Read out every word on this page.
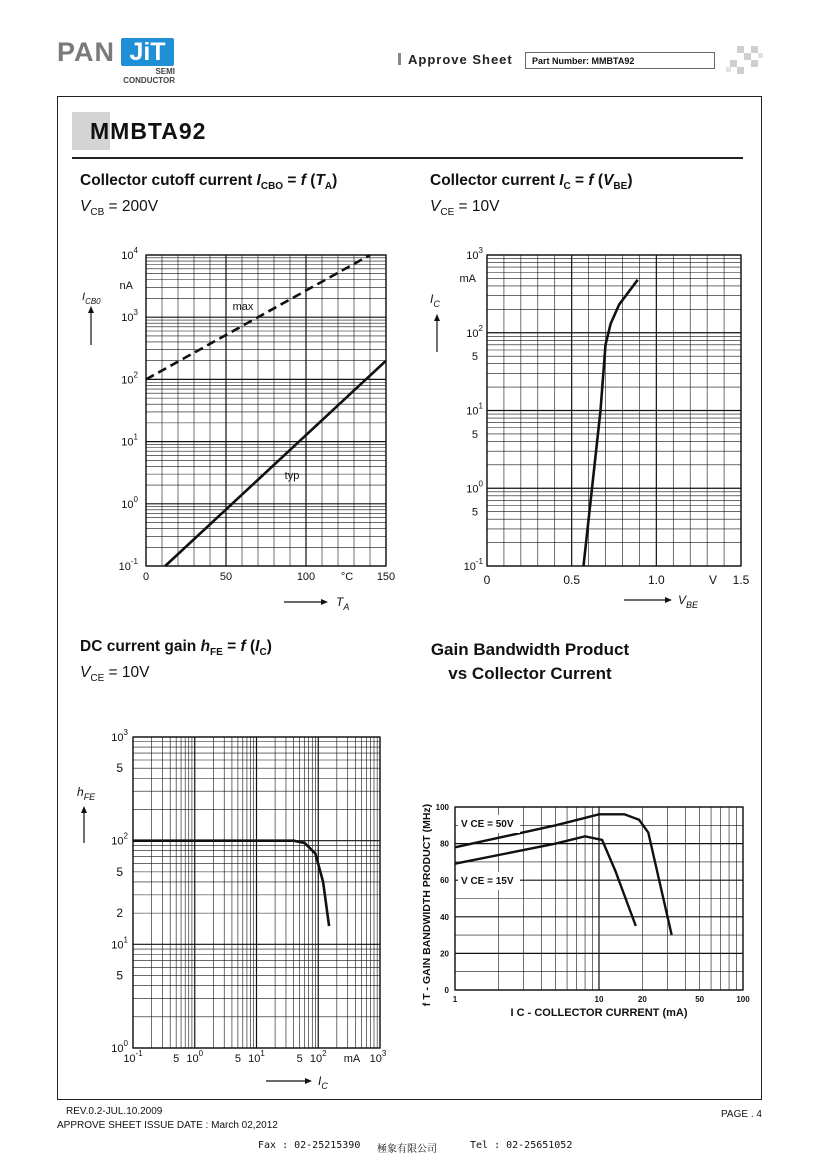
PAN JiT
SEMI
CONDUCTOR
Approve Sheet	Part Number: MMBTA92
MMBTA92
Collector cutoff current $I_{CBO} = f$ $(T_A)$
$V_{CB} = 200V$
Collector current $I_C = f$ $(V_{BE})$
$V_{CE} = 10V$
DC current gain $h_{FE} = f$ $(I_C)$
$V_{CE} = 10V$
Gain Bandwidth Product
vs Collector Current
$10^4$
$10^3$
$10^2$
$10^1$
$10^0$
$10^{-1}$
nA
0	50	100	150
°C
max
typ
$I_{CB0}$
$T_A$
$10^3$
$10^2$
$10^1$
$10^0$
$10^{-1}$
5
5
5
mA
0	0.5	1.0	1.5
V
$I_C$
$V_{BE}$
$10^3$
$10^2$
$10^1$
$10^0$
5
5
2
5
$10^{-1}$	5 $10^0$	5 $10^1$	5 $10^2$ mA $10^3$
$h_{FE}$
$I_C$
0
20
40
60
80
100
1	10	20	50	100
I C - COLLECTOR CURRENT (mA)
f T - GAIN BANDWIDTH PRODUCT (MHz)	V CE = 50V
V CE = 15V
REV.0.2-JUL.10.2009
APPROVE SHEET ISSUE DATE : March 02,2012
PAGE . 4
Fax : 02-25215390 極象有限公司	Tel : 02-25651052
